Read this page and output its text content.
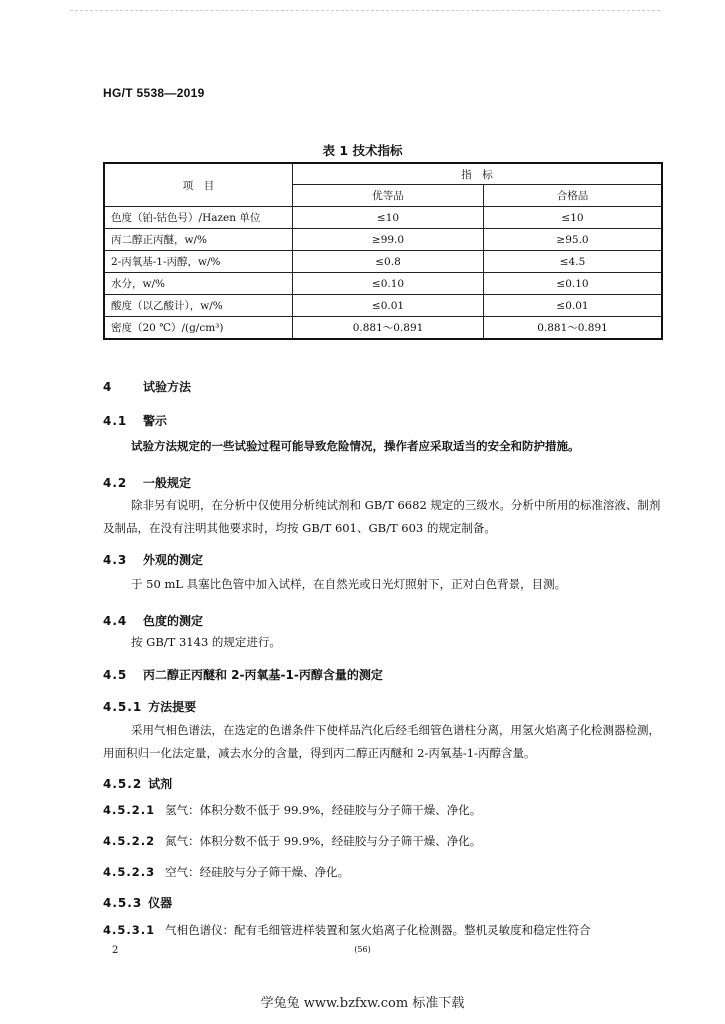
HG/T 5538—2019
表 1 技术指标
项　目	指　标	
	优等品	合格品
色度（铂-钴色号）/Hazen 单位	≤10	≤10
丙二醇正丙醚，w/%	≥99.0	≥95.0
2-丙氧基-1-丙醇，w/%	≤0.8	≤4.5
水分，w/%	≤0.10	≤0.10
酸度（以乙酸计），w/%	≤0.01	≤0.01
密度（20 ℃）/(g/cm³)	0.881～0.891	0.881～0.891
4	试验方法
4.1 警示
试验方法规定的一些试验过程可能导致危险情况，操作者应采取适当的安全和防护措施。
4.2 一般规定
除非另有说明，在分析中仅使用分析纯试剂和 GB/T 6682 规定的三级水。分析中所用的标准溶液、制剂及制品，在没有注明其他要求时，均按 GB/T 601、GB/T 603 的规定制备。
4.3 外观的测定
于 50 mL 具塞比色管中加入试样，在自然光或日光灯照射下，正对白色背景，目测。
4.4 色度的测定
按 GB/T 3143 的规定进行。
4.5 丙二醇正丙醚和 2-丙氧基-1-丙醇含量的测定
4.5.1 方法提要
采用气相色谱法，在选定的色谱条件下使样品汽化后经毛细管色谱柱分离，用氢火焰离子化检测器检测，用面积归一化法定量，减去水分的含量，得到丙二醇正丙醚和 2-丙氧基-1-丙醇含量。
4.5.2 试剂
4.5.2.1 氢气：体积分数不低于 99.9%，经硅胶与分子筛干燥、净化。
4.5.2.2 氮气：体积分数不低于 99.9%，经硅胶与分子筛干燥、净化。
4.5.2.3 空气：经硅胶与分子筛干燥、净化。
4.5.3 仪器
4.5.3.1 气相色谱仪：配有毛细管进样装置和氢火焰离子化检测器。整机灵敏度和稳定性符合
2	(56)
学兔兔 www.bzfxw.com 标准下载
